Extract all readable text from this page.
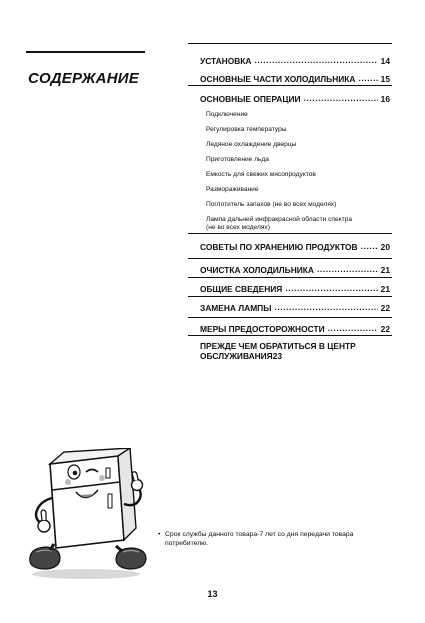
СОДЕРЖАНИЕ
УСТАНОВКА .....	14
ОСНОВНЫЕ ЧАСТИ ХОЛОДИЛЬНИКА .....	15
ОСНОВНЫЕ ОПЕРАЦИИ .....	16
Подключение
Регулировка температуры
Ледяное охлаждение дверцы
Приготовление льда
Емкость для свежих мясопродуктов
Размораживание
Поглотитель запахов (не во всех моделях)
Лампа дальней инфракрасной области спектра
(не во всех моделях)
СОВЕТЫ ПО ХРАНЕНИЮ ПРОДУКТОВ .....	20
ОЧИСТКА ХОЛОДИЛЬНИКА .....	21
ОБЩИЕ СВЕДЕНИЯ .....	21
ЗАМЕНА ЛАМПЫ .....	22
МЕРЫ ПРЕДОСТОРОЖНОСТИ .....	22
ПРЕЖДЕ ЧЕМ ОБРАТИТЬСЯ В ЦЕНТР
ОБСЛУЖИВАНИЯ 23
• Срок службы данного товара-7 лет со дня передачи товара
потребителю.
13
